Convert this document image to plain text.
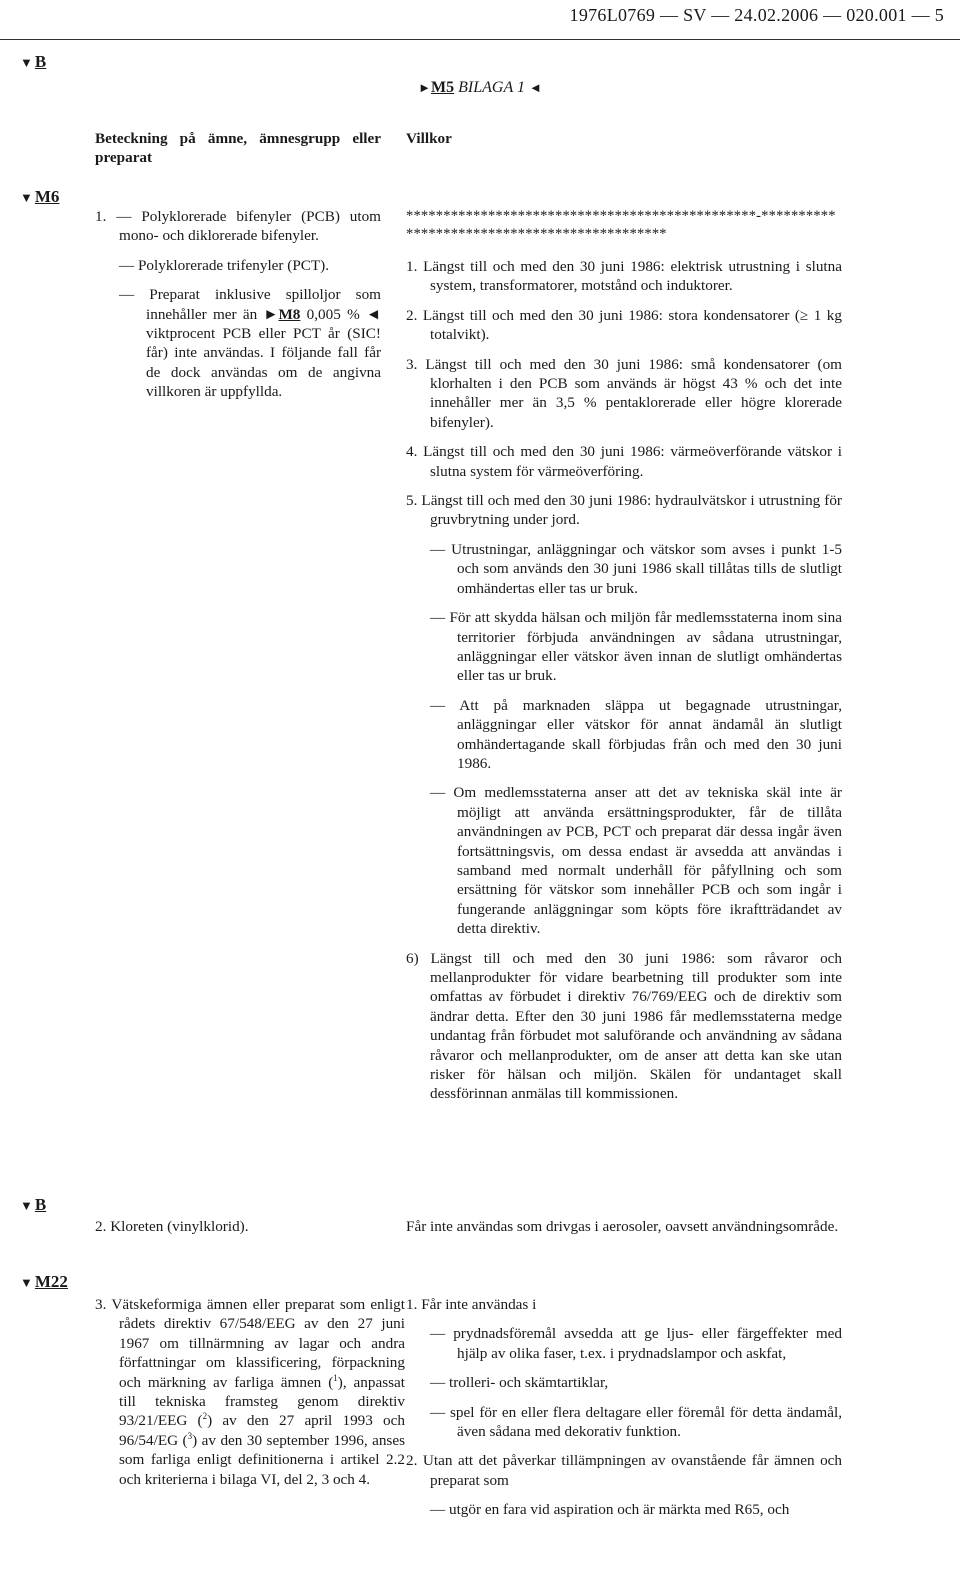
1976L0769 — SV — 24.02.2006 — 020.001 — 5
▼ B
►M5 BILAGA 1 ◄
Beteckning på ämne, ämnesgrupp eller preparat
Villkor
▼ M6
1. — Polyklorerade bifenyler (PCB) utom mono- och diklorerade bifenyler.
— Polyklorerade trifenyler (PCT).
— Preparat inklusive spilloljor som innehåller mer än ►M8 0,005 % ◄ viktprocent PCB eller PCT år (SIC! får) inte användas. I följande fall får de dock användas om de angivna villkoren är uppfyllda.
***********************************************-*********************************************
1. Längst till och med den 30 juni 1986: elektrisk utrustning i slutna system, transformatorer, motstånd och induktorer.
2. Längst till och med den 30 juni 1986: stora kondensatorer (≥ 1 kg totalvikt).
3. Längst till och med den 30 juni 1986: små kondensatorer (om klorhalten i den PCB som används är högst 43 % och det inte innehåller mer än 3,5 % pentaklorerade eller högre klorerade bifenyler).
4. Längst till och med den 30 juni 1986: värmeöverförande vätskor i slutna system för värmeöverföring.
5. Längst till och med den 30 juni 1986: hydraulvätskor i utrustning för gruvbrytning under jord.
— Utrustningar, anläggningar och vätskor som avses i punkt 1-5 och som används den 30 juni 1986 skall tillåtas tills de slutligt omhändertas eller tas ur bruk.
— För att skydda hälsan och miljön får medlemsstaterna inom sina territorier förbjuda användningen av sådana utrustningar, anläggningar eller vätskor även innan de slutligt omhändertas eller tas ur bruk.
— Att på marknaden släppa ut begagnade utrustningar, anläggningar eller vätskor för annat ändamål än slutligt omhändertagande skall förbjudas från och med den 30 juni 1986.
— Om medlemsstaterna anser att det av tekniska skäl inte är möjligt att använda ersättningsprodukter, får de tillåta användningen av PCB, PCT och preparat där dessa ingår även fortsättningsvis, om dessa endast är avsedda att användas i samband med normalt underhåll för påfyllning och som ersättning för vätskor som innehåller PCB och som ingår i fungerande anläggningar som köpts före ikraftträdandet av detta direktiv.
6) Längst till och med den 30 juni 1986: som råvaror och mellanprodukter för vidare bearbetning till produkter som inte omfattas av förbudet i direktiv 76/769/EEG och de direktiv som ändrar detta. Efter den 30 juni 1986 får medlemsstaterna medge undantag från förbudet mot saluförande och användning av sådana råvaror och mellanprodukter, om de anser att detta kan ske utan risker för hälsan och miljön. Skälen för undantaget skall dessförinnan anmälas till kommissionen.
▼ B
2. Kloreten (vinylklorid).	Får inte användas som drivgas i aerosoler, oavsett användningsområde.
▼ M22
3. Vätskeformiga ämnen eller preparat som enligt rådets direktiv 67/548/EEG av den 27 juni 1967 om tillnärmning av lagar och andra författningar om klassificering, förpackning och märkning av farliga ämnen ($^1$), anpassat till tekniska framsteg genom direktiv 93/21/EEG ($^2$) av den 27 april 1993 och 96/54/EG ($^3$) av den 30 september 1996, anses som farliga enligt definitionerna i artikel 2.2 och kriterierna i bilaga VI, del 2, 3 och 4.
1. Får inte användas i
— prydnadsföremål avsedda att ge ljus- eller färgeffekter med hjälp av olika faser, t.ex. i prydnadslampor och askfat,
— trolleri- och skämtartiklar,
— spel för en eller flera deltagare eller föremål för detta ändamål, även sådana med dekorativ funktion.
2. Utan att det påverkar tillämpningen av ovanstående får ämnen och preparat som
— utgör en fara vid aspiration och är märkta med R65, och
